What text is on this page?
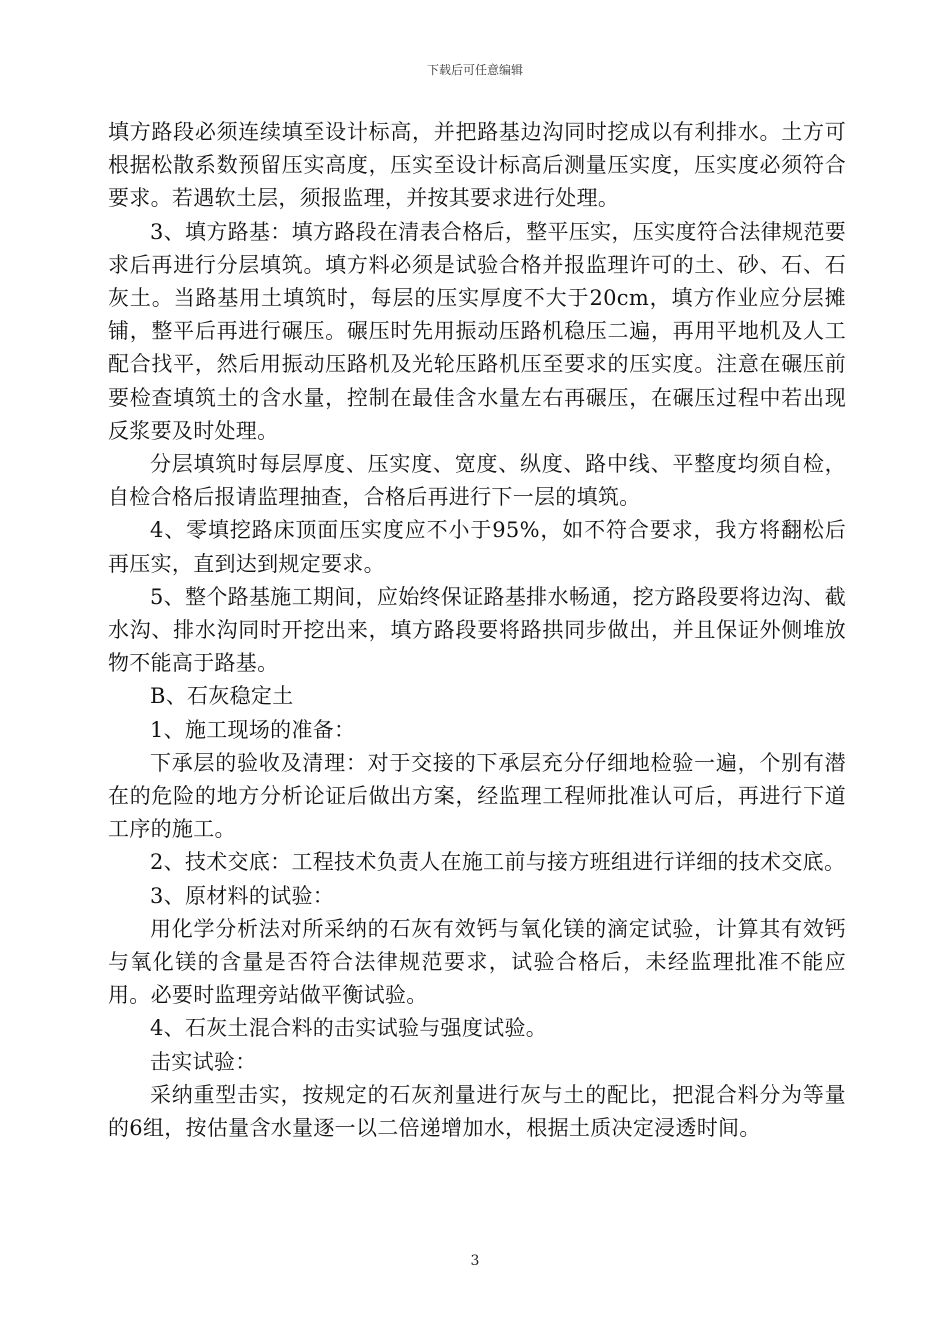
下载后可任意编辑

填方路段必须连续填至设计标高，并把路基边沟同时挖成以有利排水。土方可根据松散系数预留压实高度，压实至设计标高后测量压实度，压实度必须符合要求。若遇软土层，须报监理，并按其要求进行处理。

3、填方路基：填方路段在清表合格后，整平压实，压实度符合法律规范要求后再进行分层填筑。填方料必须是试验合格并报监理许可的土、砂、石、石灰土。当路基用土填筑时，每层的压实厚度不大于20cm，填方作业应分层摊铺，整平后再进行碾压。碾压时先用振动压路机稳压二遍，再用平地机及人工配合找平，然后用振动压路机及光轮压路机压至要求的压实度。注意在碾压前要检查填筑土的含水量，控制在最佳含水量左右再碾压，在碾压过程中若出现反浆要及时处理。

分层填筑时每层厚度、压实度、宽度、纵度、路中线、平整度均须自检，自检合格后报请监理抽查，合格后再进行下一层的填筑。

4、零填挖路床顶面压实度应不小于95%，如不符合要求，我方将翻松后再压实，直到达到规定要求。

5、整个路基施工期间，应始终保证路基排水畅通，挖方路段要将边沟、截水沟、排水沟同时开挖出来，填方路段要将路拱同步做出，并且保证外侧堆放物不能高于路基。

B、石灰稳定土

1、施工现场的准备：

下承层的验收及清理：对于交接的下承层充分仔细地检验一遍，个别有潜在的危险的地方分析论证后做出方案，经监理工程师批准认可后，再进行下道工序的施工。

2、技术交底：工程技术负责人在施工前与接方班组进行详细的技术交底。

3、原材料的试验：

用化学分析法对所采纳的石灰有效钙与氧化镁的滴定试验，计算其有效钙与氧化镁的含量是否符合法律规范要求，试验合格后，未经监理批准不能应用。必要时监理旁站做平衡试验。

4、石灰土混合料的击实试验与强度试验。

击实试验：

采纳重型击实，按规定的石灰剂量进行灰与土的配比，把混合料分为等量的6组，按估量含水量逐一以二倍递增加水，根据土质决定浸透时间。

3
